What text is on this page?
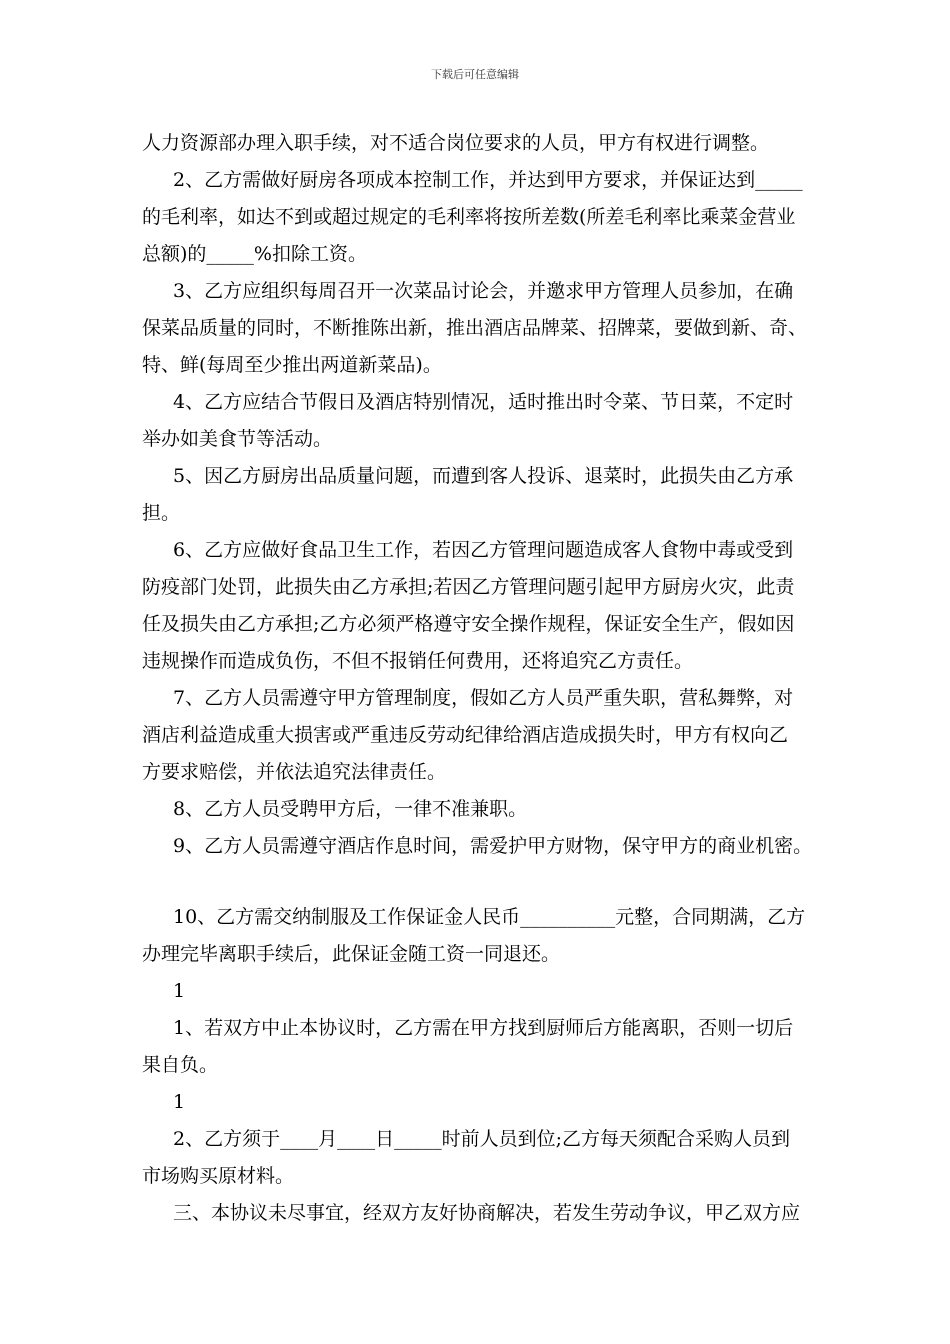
下载后可任意编辑
人力资源部办理入职手续，对不适合岗位要求的人员，甲方有权进行调整。
2、乙方需做好厨房各项成本控制工作，并达到甲方要求，并保证达到_____
的毛利率，如达不到或超过规定的毛利率将按所差数(所差毛利率比乘菜金营业
总额)的_____%扣除工资。
3、乙方应组织每周召开一次菜品讨论会，并邀求甲方管理人员参加，在确
保菜品质量的同时，不断推陈出新，推出酒店品牌菜、招牌菜，要做到新、奇、
特、鲜(每周至少推出两道新菜品)。
4、乙方应结合节假日及酒店特别情况，适时推出时令菜、节日菜，不定时
举办如美食节等活动。
5、因乙方厨房出品质量问题，而遭到客人投诉、退菜时，此损失由乙方承
担。
6、乙方应做好食品卫生工作，若因乙方管理问题造成客人食物中毒或受到
防疫部门处罚，此损失由乙方承担;若因乙方管理问题引起甲方厨房火灾，此责
任及损失由乙方承担;乙方必须严格遵守安全操作规程，保证安全生产，假如因
违规操作而造成负伤，不但不报销任何费用，还将追究乙方责任。
7、乙方人员需遵守甲方管理制度，假如乙方人员严重失职，营私舞弊，对
酒店利益造成重大损害或严重违反劳动纪律给酒店造成损失时，甲方有权向乙
方要求赔偿，并依法追究法律责任。
8、乙方人员受聘甲方后，一律不准兼职。
9、乙方人员需遵守酒店作息时间，需爱护甲方财物，保守甲方的商业机密。
10、乙方需交纳制服及工作保证金人民币__________元整，合同期满，乙方
办理完毕离职手续后，此保证金随工资一同退还。
1
1、若双方中止本协议时，乙方需在甲方找到厨师后方能离职，否则一切后
果自负。
1
2、乙方须于____月____日_____时前人员到位;乙方每天须配合采购人员到
市场购买原材料。
三、本协议未尽事宜，经双方友好协商解决，若发生劳动争议，甲乙双方应
